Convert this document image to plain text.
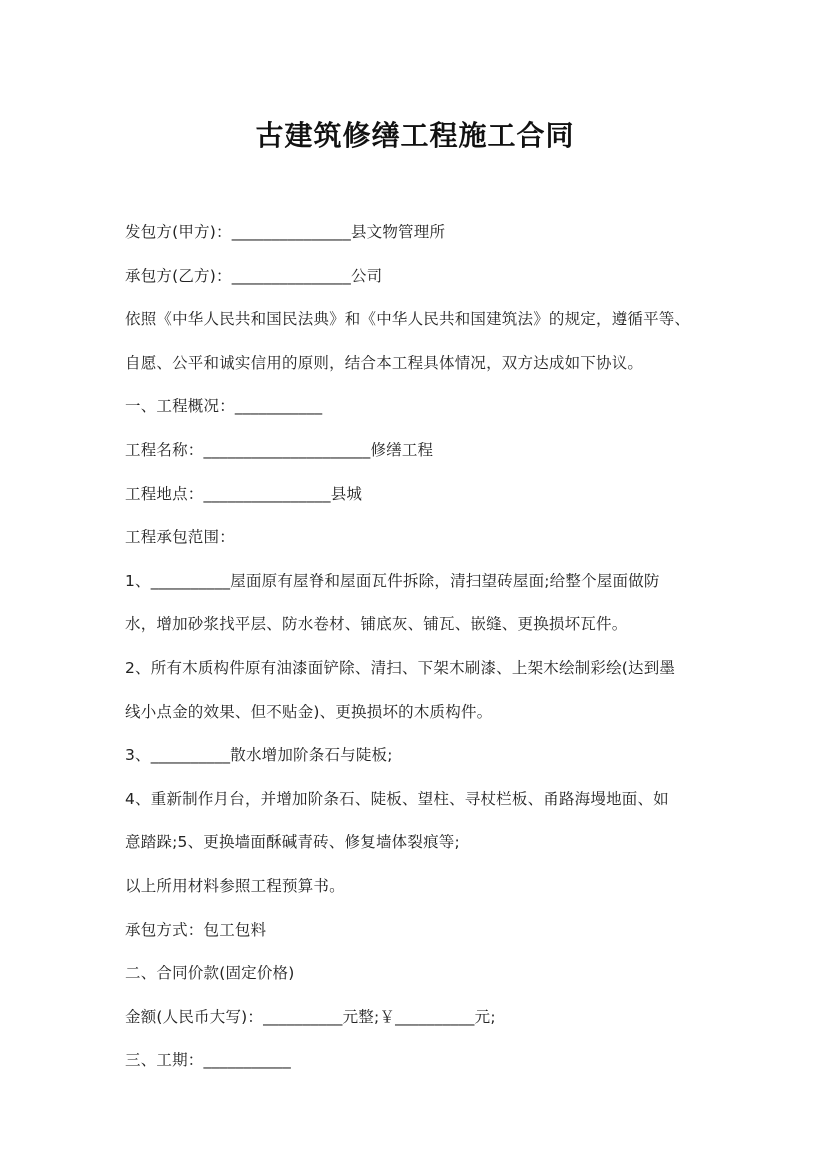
古建筑修缮工程施工合同
发包方(甲方)：_______________县文物管理所
承包方(乙方)：_______________公司
依照《中华人民共和国民法典》和《中华人民共和国建筑法》的规定，遵循平等、
自愿、公平和诚实信用的原则，结合本工程具体情况，双方达成如下协议。
一、工程概况：___________
工程名称：_____________________修缮工程
工程地点：________________县城
工程承包范围：
1、__________屋面原有屋脊和屋面瓦件拆除，清扫望砖屋面;给整个屋面做防
水，增加砂浆找平层、防水卷材、铺底灰、铺瓦、嵌缝、更换损坏瓦件。
2、所有木质构件原有油漆面铲除、清扫、下架木刷漆、上架木绘制彩绘(达到墨
线小点金的效果、但不贴金)、更换损坏的木质构件。
3、__________散水增加阶条石与陡板;
4、重新制作月台，并增加阶条石、陡板、望柱、寻杖栏板、甬路海墁地面、如
意踏跺;5、更换墙面酥碱青砖、修复墙体裂痕等;
以上所用材料参照工程预算书。
承包方式：包工包料
二、合同价款(固定价格)
金额(人民币大写)：__________元整;￥__________元;
三、工期：___________
